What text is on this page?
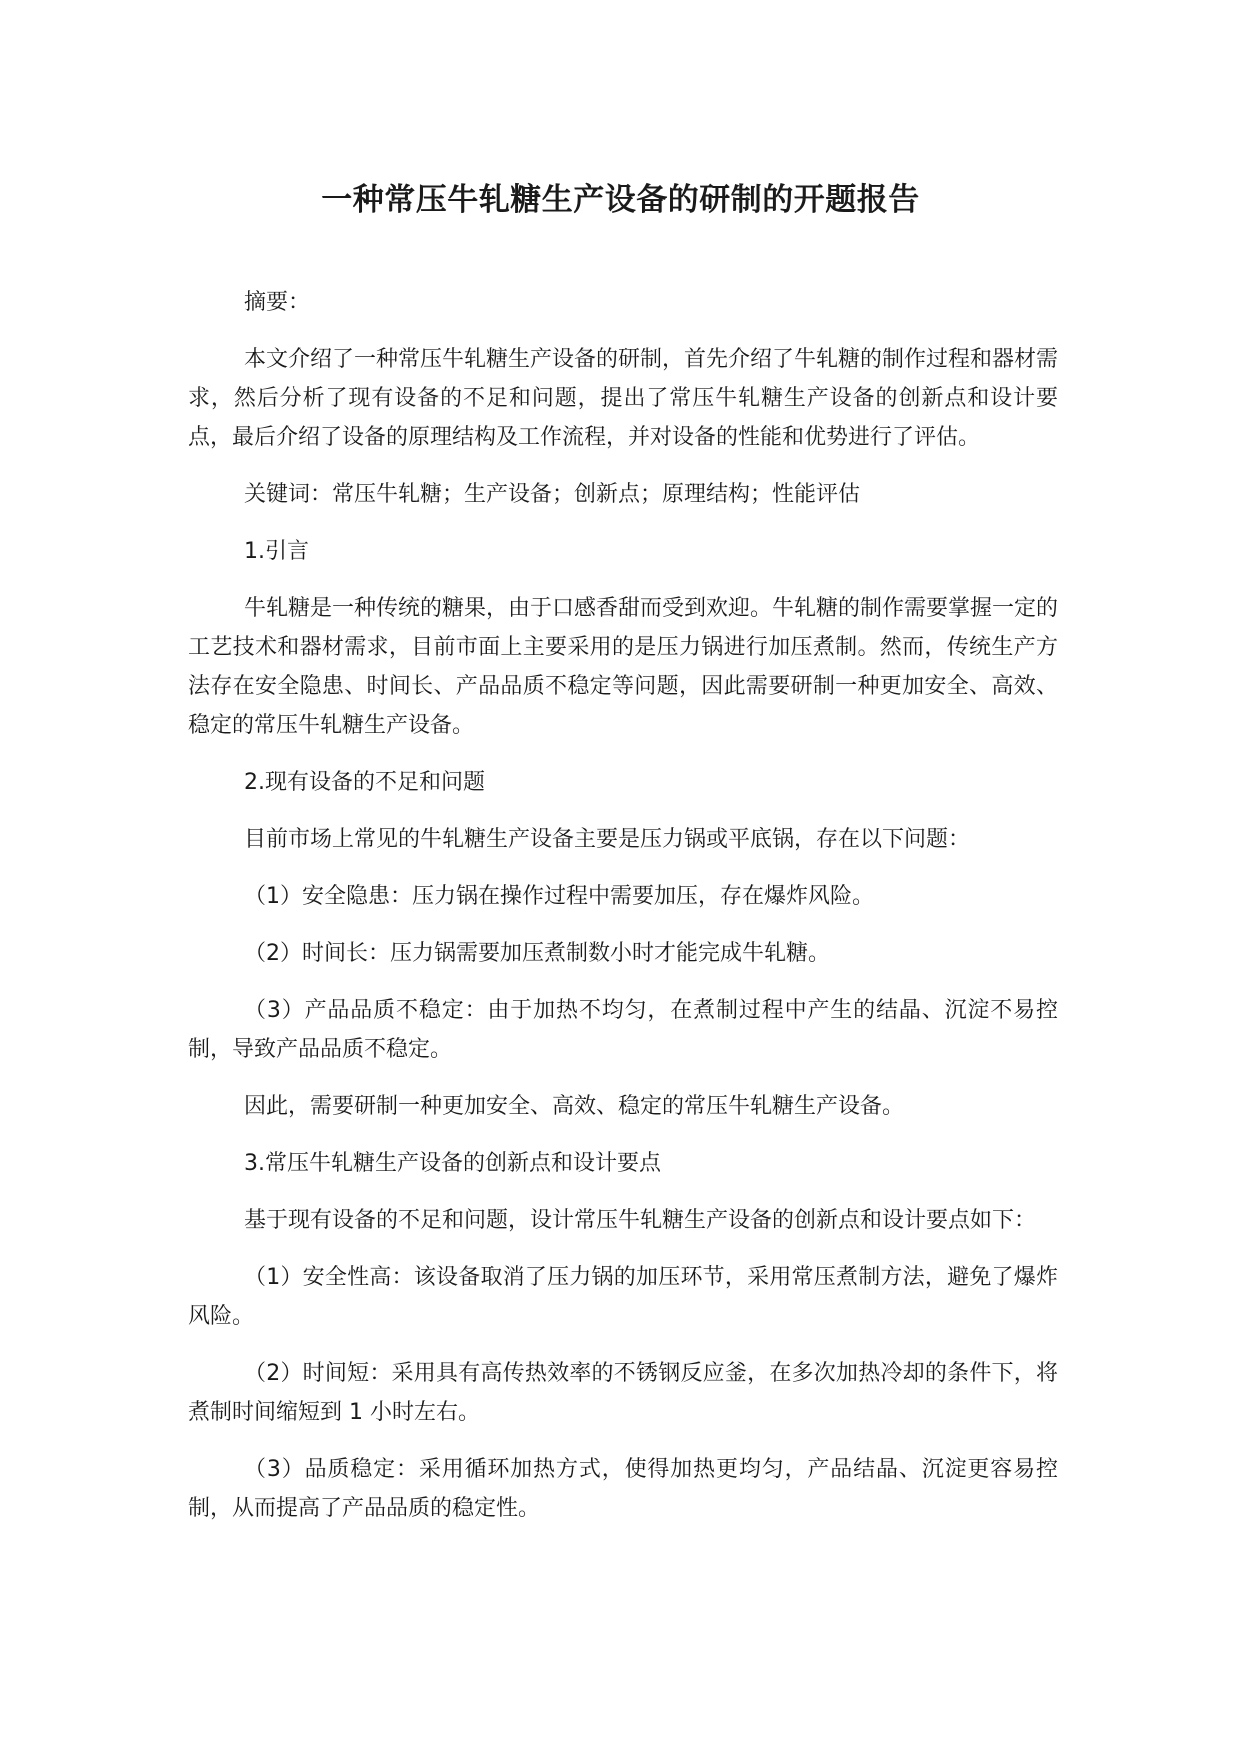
一种常压牛轧糖生产设备的研制的开题报告

摘要：

本文介绍了一种常压牛轧糖生产设备的研制，首先介绍了牛轧糖的制作过程和器材需求，然后分析了现有设备的不足和问题，提出了常压牛轧糖生产设备的创新点和设计要点，最后介绍了设备的原理结构及工作流程，并对设备的性能和优势进行了评估。

关键词：常压牛轧糖；生产设备；创新点；原理结构；性能评估

1.引言

牛轧糖是一种传统的糖果，由于口感香甜而受到欢迎。牛轧糖的制作需要掌握一定的工艺技术和器材需求，目前市面上主要采用的是压力锅进行加压煮制。然而，传统生产方法存在安全隐患、时间长、产品品质不稳定等问题，因此需要研制一种更加安全、高效、稳定的常压牛轧糖生产设备。

2.现有设备的不足和问题

目前市场上常见的牛轧糖生产设备主要是压力锅或平底锅，存在以下问题：

（1）安全隐患：压力锅在操作过程中需要加压，存在爆炸风险。

（2）时间长：压力锅需要加压煮制数小时才能完成牛轧糖。

（3）产品品质不稳定：由于加热不均匀，在煮制过程中产生的结晶、沉淀不易控制，导致产品品质不稳定。

因此，需要研制一种更加安全、高效、稳定的常压牛轧糖生产设备。

3.常压牛轧糖生产设备的创新点和设计要点

基于现有设备的不足和问题，设计常压牛轧糖生产设备的创新点和设计要点如下：

（1）安全性高：该设备取消了压力锅的加压环节，采用常压煮制方法，避免了爆炸风险。

（2）时间短：采用具有高传热效率的不锈钢反应釜，在多次加热冷却的条件下，将煮制时间缩短到 1 小时左右。

（3）品质稳定：采用循环加热方式，使得加热更均匀，产品结晶、沉淀更容易控制，从而提高了产品品质的稳定性。
